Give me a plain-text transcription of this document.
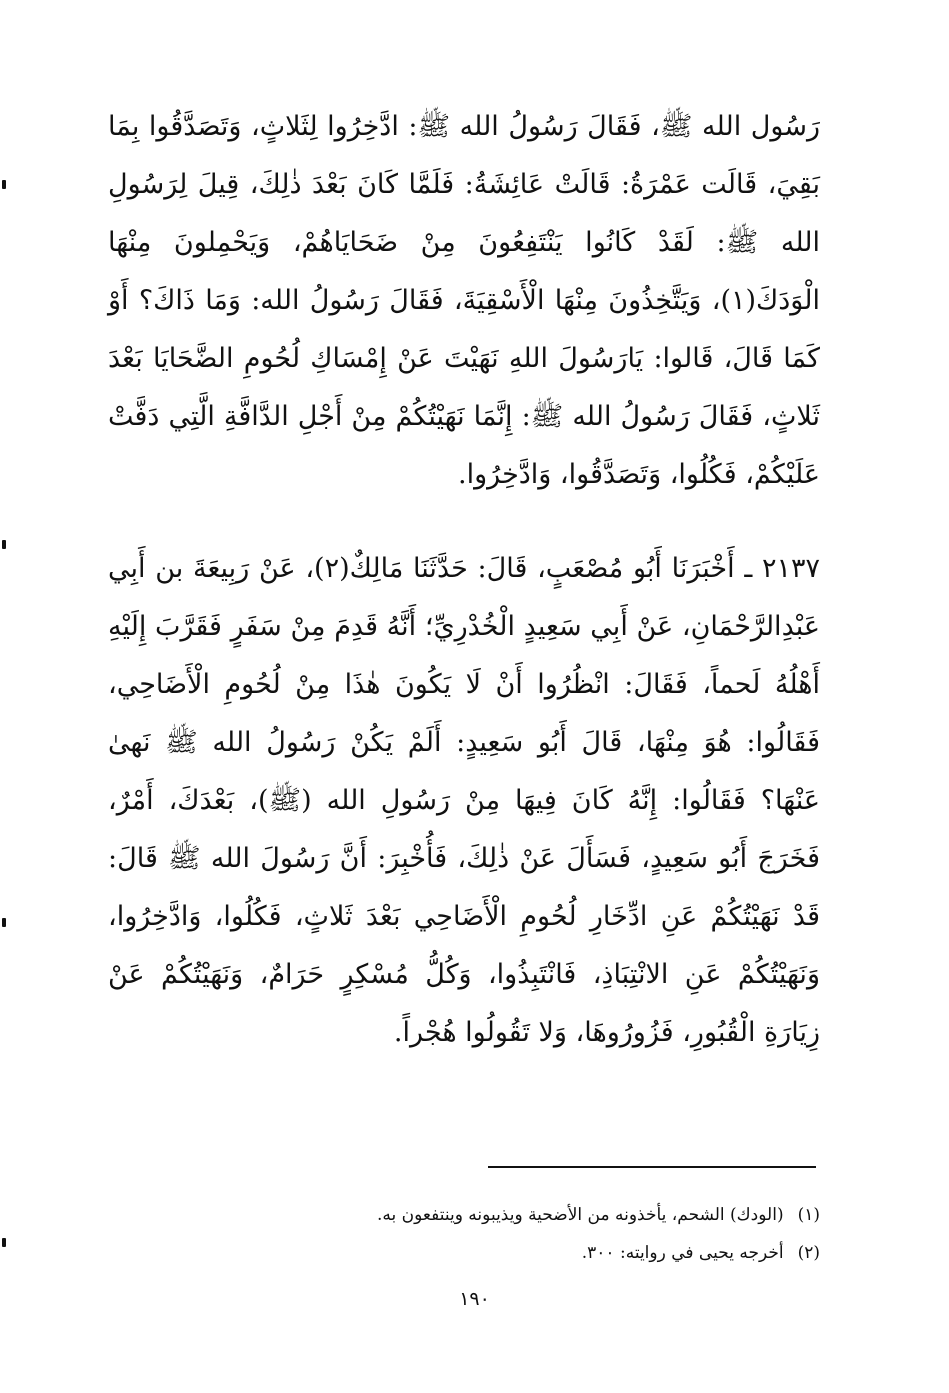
رَسُول الله ﷺ، فَقَالَ رَسُولُ الله ﷺ: ادَّخِرُوا لِثَلاثٍ، وَتَصَدَّقُوا بِمَا بَقِيَ، قَالَت عَمْرَةُ: قَالَتْ عَائِشَةُ: فَلَمَّا كَانَ بَعْدَ ذٰلِكَ، قِيلَ لِرَسُولِ الله ﷺ: لَقَدْ كَانُوا يَنْتَفِعُونَ مِنْ ضَحَايَاهُمْ، وَيَحْمِلونَ مِنْهَا الْوَدَكَ(١)، وَيَتَّخِذُونَ مِنْهَا الْأَسْقِيَةَ، فَقَالَ رَسُولُ الله: وَمَا ذَاكَ؟ أَوْ كَمَا قَالَ، قَالوا: يَارَسُولَ اللهِ نَهَيْتَ عَنْ إِمْسَاكِ لُحُومِ الضَّحَايَا بَعْدَ ثَلاثٍ، فَقَالَ رَسُولُ الله ﷺ: إِنَّمَا نَهَيْتُكُمْ مِنْ أَجْلِ الدَّافَّةِ الَّتِي دَفَّتْ عَلَيْكُمْ، فَكُلُوا، وَتَصَدَّقُوا، وَادَّخِرُوا.

٢١٣٧ ـ أَخْبَرَنَا أَبُو مُصْعَبٍ، قَالَ: حَدَّثَنَا مَالِكٌ(٢)، عَنْ رَبِيعَةَ بن أَبِي عَبْدِالرَّحْمَانِ، عَنْ أَبِي سَعِيدٍ الْخُدْرِيِّ؛ أَنَّهُ قَدِمَ مِنْ سَفَرٍ فَقَرَّبَ إِلَيْهِ أَهْلُهُ لَحماً، فَقَالَ: انْظُرُوا أَنْ لَا يَكُونَ هٰذَا مِنْ لُحُومِ الْأَضَاحِي، فَقَالُوا: هُوَ مِنْهَا، قَالَ أَبُو سَعِيدٍ: أَلَمْ يَكُنْ رَسُولُ الله ﷺ نَهىٰ عَنْهَا؟ فَقَالُوا: إِنَّهُ كَانَ فِيهَا مِنْ رَسُولِ الله (ﷺ)، بَعْدَكَ، أَمْرٌ، فَخَرَجَ أَبُو سَعِيدٍ، فَسَأَلَ عَنْ ذٰلِكَ، فَأُخْبِرَ: أَنَّ رَسُولَ الله ﷺ قَالَ: قَدْ نَهَيْتُكُمْ عَنِ ادِّخَارِ لُحُومِ الْأَضَاحِي بَعْدَ ثَلاثٍ، فَكُلُوا، وَادَّخِرُوا، وَنَهَيْتُكُمْ عَنِ الانْتِبَاذِ، فَانْتَبِذُوا، وَكُلُّ مُسْكِرٍ حَرَامٌ، وَنَهَيْتُكُمْ عَنْ زِيَارَةِ الْقُبُورِ، فَزُورُوهَا، وَلا تَقُولُوا هُجْراً.

(١)(الودك) الشحم، يأخذونه من الأضحية ويذيبونه وينتفعون به.
(٢)أخرجه يحيى في روايته: ٣٠٠.
١٩٠
